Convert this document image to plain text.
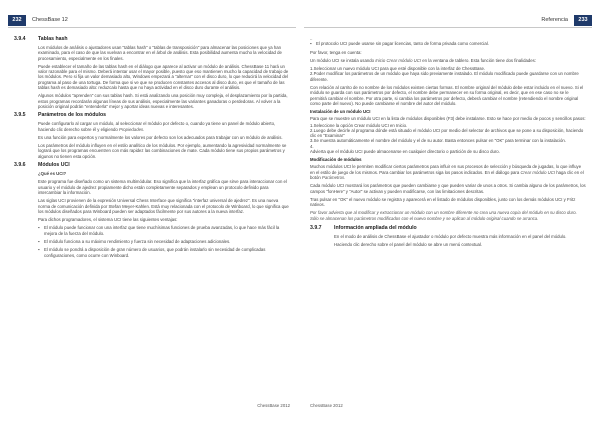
232	ChessBase 12
3.9.4 Tablas hash
Los módulos de análisis o ajustadores usan "tablas hash" o "tablas de transposición" para almacenar las posiciones que ya han examinado, para el caso de que las vuelvan a encontrar en el árbol de análisis. Esta posibilidad aumenta mucho la velocidad de procesamiento, especialmente en los finales.
Puede establecer el tamaño de las tablas hash en el diálogo que aparece al activar un módulo de análisis. ChessBase 11 hará un valor razonable para el mismo. Deberá intentar usar el mayor posible, puesto que eso mantienen mucho la capacidad de trabajo de los módulos. Pero si fija un valor demasiado alto, Windows empezará a "alternar" con el disco duro, lo que reducirá la velocidad del programa al paso de una tortuga. De forma que si ve que se producen constantes accesos al disco duro, es que el tamaño de las tablas hash es demasiado alto: reduzcalo hasta que no haya actividad en el disco duro durante el análisis.
Algunos módulos "aprenden" con sus tablas hash. Si está analizando una posición muy compleja, el desplazamiento por la partida, estos programas recordarán algunas líneas de sus análisis, especialmente las variantes ganadoras o perdedoras. Al volver a la posición original podrán "entenderla" mejor y aportar ideas nuevas e interesantes.
3.9.5 Parámetros de los módulos
Puede configurarlo al cargar un módulo, al seleccionar el módulo por defecto o, cuando ya tiene un panel de módulo abierto, haciendo clic derecho sobre él y eligiendo Propiedades.
Es una función para expertos y normalmente los valores por defecto son los adecuados para trabajar con un módulo de análisis.
Los parámetros del módulo influyen en el estilo analítico de los módulos. Por ejemplo, aumentando la agresividad normalmente se logrará que los programas encuentren con más rapidez las combinaciones de mate. Cada módulo tiene sus propios parámetros y algunos no tienen esta opción.
3.9.6 Módulos UCI
¿Qué es UCI?
Este programa fue diseñado como un sistema multimódular. Eso significa que la interfaz gráfica que sirve para interaccionar con el usuario y el módulo de ajedrez propiamente dicho están completamente separados y emplean un protocolo definido para intercambiar la información.
Las siglas UCI provienen de la expresión Universal Chess Interface que significa "interfaz universal de ajedrez". Es una nueva norma de comunicación definida por Stefan Meyer-Kahlen. Está muy relacionada con el protocolo de Winboard, lo que significa que los módulos diseñados para Winboard pueden ser adaptados fácilmente por sus autores a la nueva interfaz.
Para dichos programadores, el sistema UCI tiene las siguientes ventajas:
▪ El módulo puede funcionar con una interfaz que tiene muchísimas funciones de prueba avanzadas, lo que hace más fácil la mejora de la fuerza del módulo.
▪ El módulo funciona a su máximo rendimiento y fuerza sin necesidad de adaptaciones adicionales.
▪ El módulo se pondrá a disposición de gran número de usuarios, que podrán instalarlo sin necesidad de complicadas configuraciones, como ocurre con Winboard.
ChessBase 2012
Referencia	233
..
▪ El protocolo UCI puede usarse sin pagar licencias, tanto de forma privada como comercial.
Por favor, tenga en cuenta:
Un módulo UCI se instala usando Inicio Crear módulo UCI en la ventana de tablero. Esta función tiene dos finalidades:
1.Seleccionar un nuevo módulo UCI para que esté disponible con la interfaz de ChessBase.
2.Poder modificar los parámetros de un módulo que haya sido previamente instalado. El módulo modificado puede guardarse con un nombre diferente.
Con relación al carrito de no nombre de los módulos existen ciertas formas. El nombre original del módulo debe estar incluido en el nuevo. Si el módulo se guarda con sus parámetros por defecto, el nombre debe permanecer en su forma original, es decir, que en ese caso no se le permitirá cambiar el nombre. Por otra parte, si cambia los parámetros por defecto, deberá cambiar el nombre (retendiendo el nombre original como parte del nuevo). No puede cambiarse el nombre del autor del módulo.
Instalación de un módulo UCI
Para que se muestre un módulo UCI en la lista de módulos disponibles (F3) debe instalarse. Esto se hace por medio de pocos y sencillos pasos:
1.Seleccione la opción Crear módulo UCI en Inicio.
2.Luego debe decirle al programa dónde está situado el módulo UCI por medio del selector de archivos que se pone a su disposición, haciendo clic en "Examinar"
3.Se muestra automáticamente el nombre del módulo y el de su autor. Basta entonces pulsar en "OK" para terminar con la instalación.
4.
Advierta que el módulo UCI puede almacenarse en cualquier directorio o partición de su disco duro.
Modificación de módulos
Muchos módulos UCI le permiten modificar ciertos parámetros para influir en sus procesos de selección y búsqueda de jugadas, lo que influye en el estilo de juego de los mismos. Para cambiar los parámetros siga los pasos indicados. En el diálogo para Crear módulo UCI haga clic en el botón Parámetros.
Cada módulo UCI mostrará los parámetros que pueden cambiarse y que pueden variar de unos a otros. Si cambia alguno de los parámetros, los campos "fonHere" y "Autor" se activan y pueden modificarse, con las limitaciones descritas.
Tras pulsar en "OK" el nuevo módulo se registra y aparecerá en el listado de módulos disponibles, junto con los demás módulos UCI y Fritz nativos.
Por favor advierta que al modificar y extraccionar un módulo con un nombre diferente no crea una nueva copia del módulo en su disco duro. Sólo se almacenan los parámetros modificados con el nuevo nombre y se aplican al módulo original cuando se arranca.
3.9.7 Información ampliada del módulo
En el modo de análisis de ChessBase el ajustador o módulo por defecto muestra más información en el panel del módulo.
Haciendo clic derecho sobre el panel del módulo se abre un menú contextual.
ChessBase 2012
